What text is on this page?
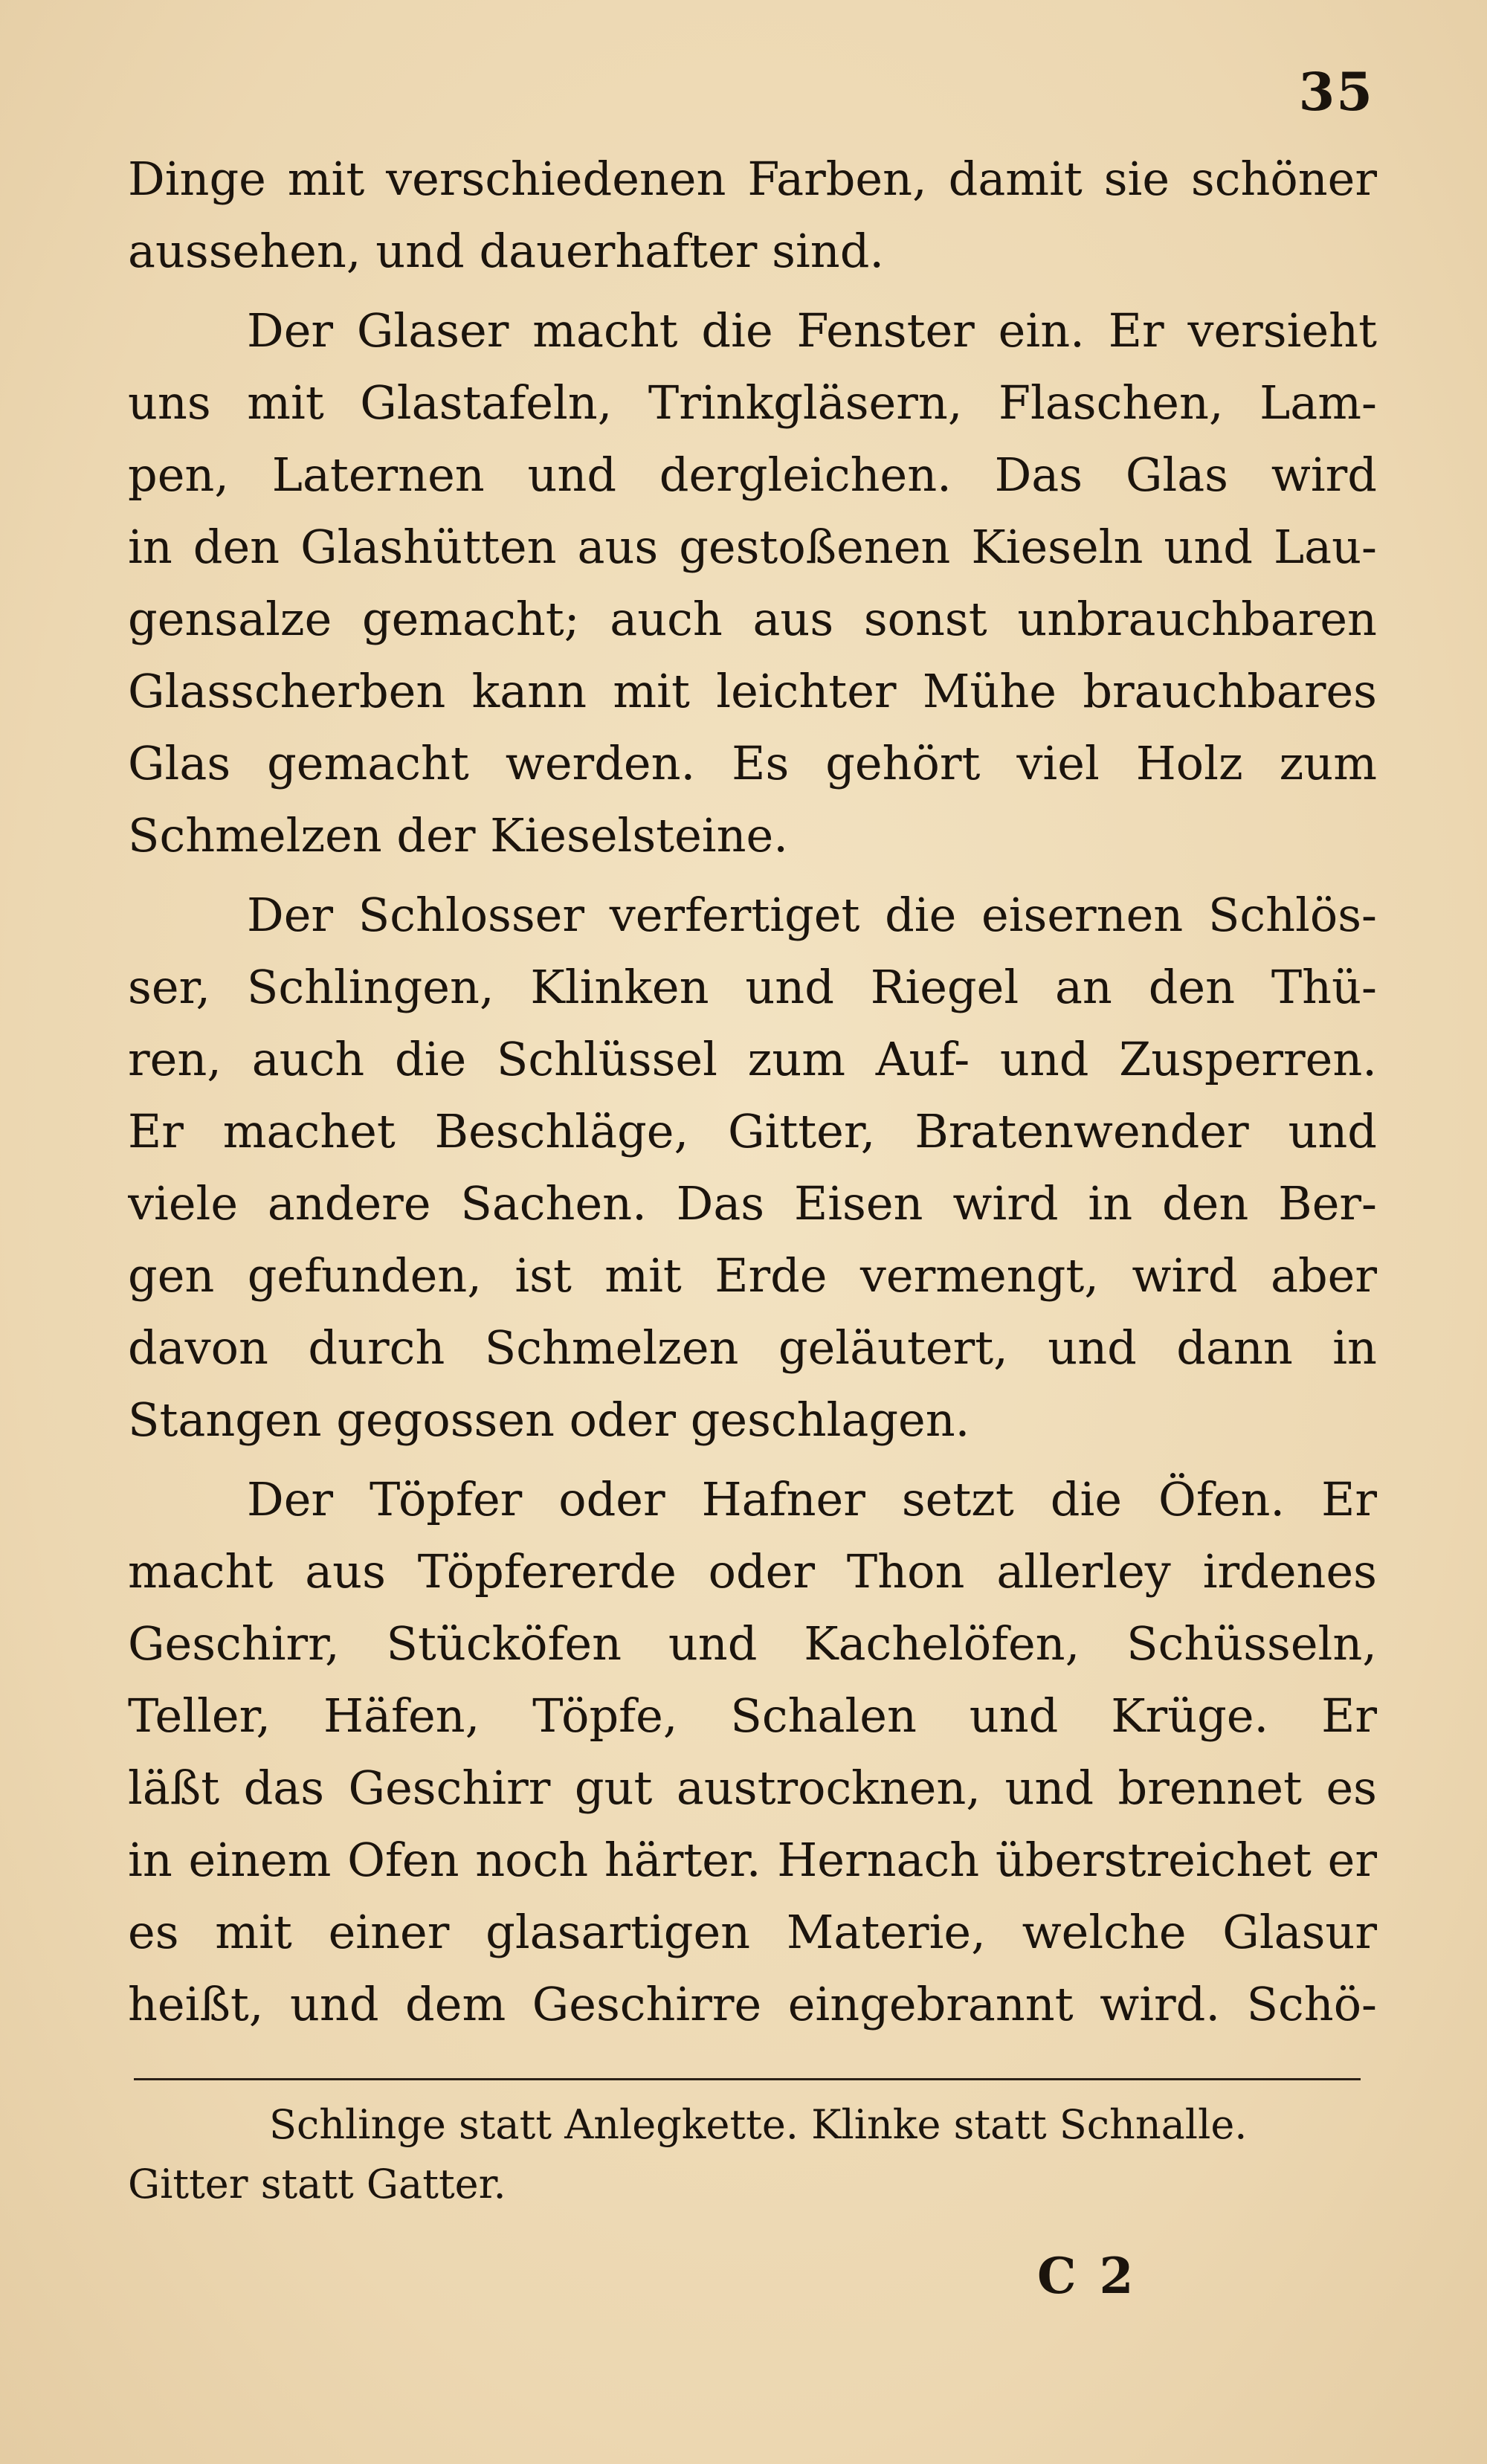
35
Dinge mit verschiedenen Farben, damit sie schöner
aussehen, und dauerhafter sind.
Der Glaser macht die Fenster ein. Er versieht
uns mit Glastafeln, Trinkgläsern, Flaschen, Lam-
pen, Laternen und dergleichen. Das Glas wird
in den Glashütten aus gestoßenen Kieseln und Lau-
gensalze gemacht; auch aus sonst unbrauchbaren
Glasscherben kann mit leichter Mühe brauchbares
Glas gemacht werden. Es gehört viel Holz zum
Schmelzen der Kieselsteine.
Der Schlosser verfertiget die eisernen Schlös-
ser, Schlingen, Klinken und Riegel an den Thü-
ren, auch die Schlüssel zum Auf- und Zusperren.
Er machet Beschläge, Gitter, Bratenwender und
viele andere Sachen. Das Eisen wird in den Ber-
gen gefunden, ist mit Erde vermengt, wird aber
davon durch Schmelzen geläutert, und dann in
Stangen gegossen oder geschlagen.
Der Töpfer oder Hafner setzt die Öfen. Er
macht aus Töpfererde oder Thon allerley irdenes
Geschirr, Stücköfen und Kachelöfen, Schüsseln,
Teller, Häfen, Töpfe, Schalen und Krüge. Er
läßt das Geschirr gut austrocknen, und brennet es
in einem Ofen noch härter. Hernach überstreichet er
es mit einer glasartigen Materie, welche Glasur
heißt, und dem Geschirre eingebrannt wird. Schö-
Schlinge statt Anlegkette. Klinke statt Schnalle.
Gitter statt Gatter.
C 2
